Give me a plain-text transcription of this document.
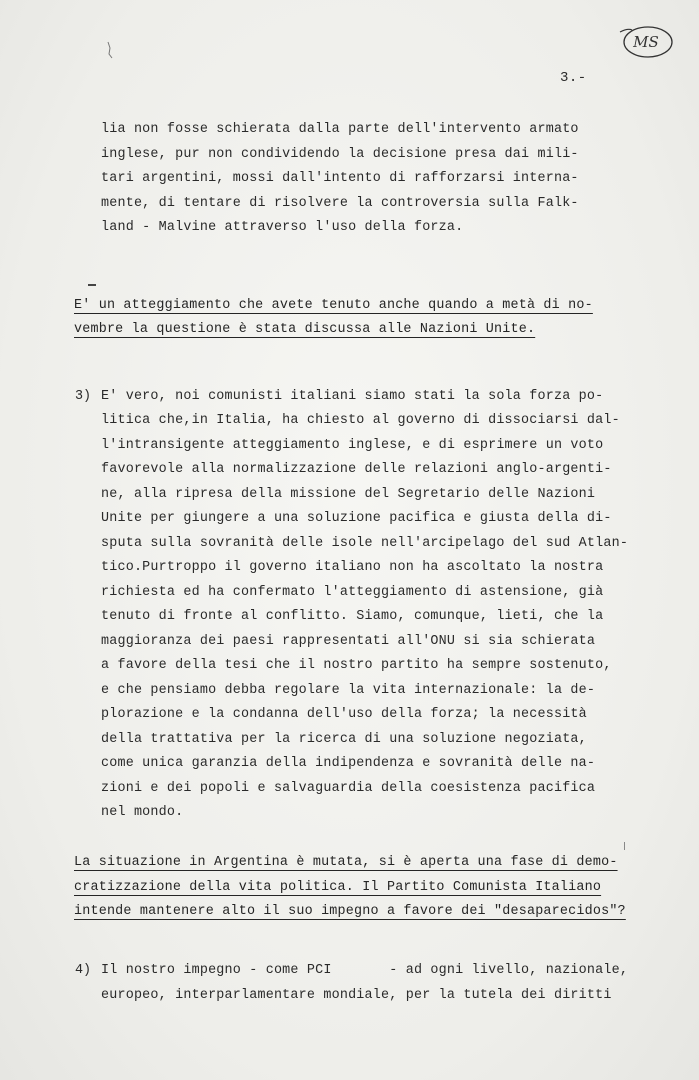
MS
3.-
lia non fosse schierata dalla parte dell'intervento armato
inglese, pur non condividendo la decisione presa dai mili-
tari argentini, mossi dall'intento di rafforzarsi interna-
mente, di tentare di risolvere la controversia sulla Falk-
land - Malvine attraverso l'uso della forza.
E' un atteggiamento che avete tenuto anche quando a metà di no-
vembre la questione è stata discussa alle Nazioni Unite.
3) E' vero, noi comunisti italiani siamo stati la sola forza po-
litica che,in Italia, ha chiesto al governo di dissociarsi dal-
l'intransigente atteggiamento inglese, e di esprimere un voto
favorevole alla normalizzazione delle relazioni anglo-argenti-
ne, alla ripresa della missione del Segretario delle Nazioni
Unite per giungere a una soluzione pacifica e giusta della di-
sputa sulla sovranità delle isole nell'arcipelago del sud Atlan-
tico.Purtroppo il governo italiano non ha ascoltato la nostra
richiesta ed ha confermato l'atteggiamento di astensione, già
tenuto di fronte al conflitto. Siamo, comunque, lieti, che la
maggioranza dei paesi rappresentati all'ONU si sia schierata
a favore della tesi che il nostro partito ha sempre sostenuto,
e che pensiamo debba regolare la vita internazionale: la de-
plorazione e la condanna dell'uso della forza; la necessità
della trattativa per la ricerca di una soluzione negoziata,
come unica garanzia della indipendenza e sovranità delle na-
zioni e dei popoli e salvaguardia della coesistenza pacifica
nel mondo.
La situazione in Argentina è mutata, si è aperta una fase di demo-
cratizzazione della vita politica. Il Partito Comunista Italiano
intende mantenere alto il suo impegno a favore dei "desaparecidos"?
4) Il nostro impegno - come PCI       - ad ogni livello, nazionale,
europeo, interparlamentare mondiale, per la tutela dei diritti
